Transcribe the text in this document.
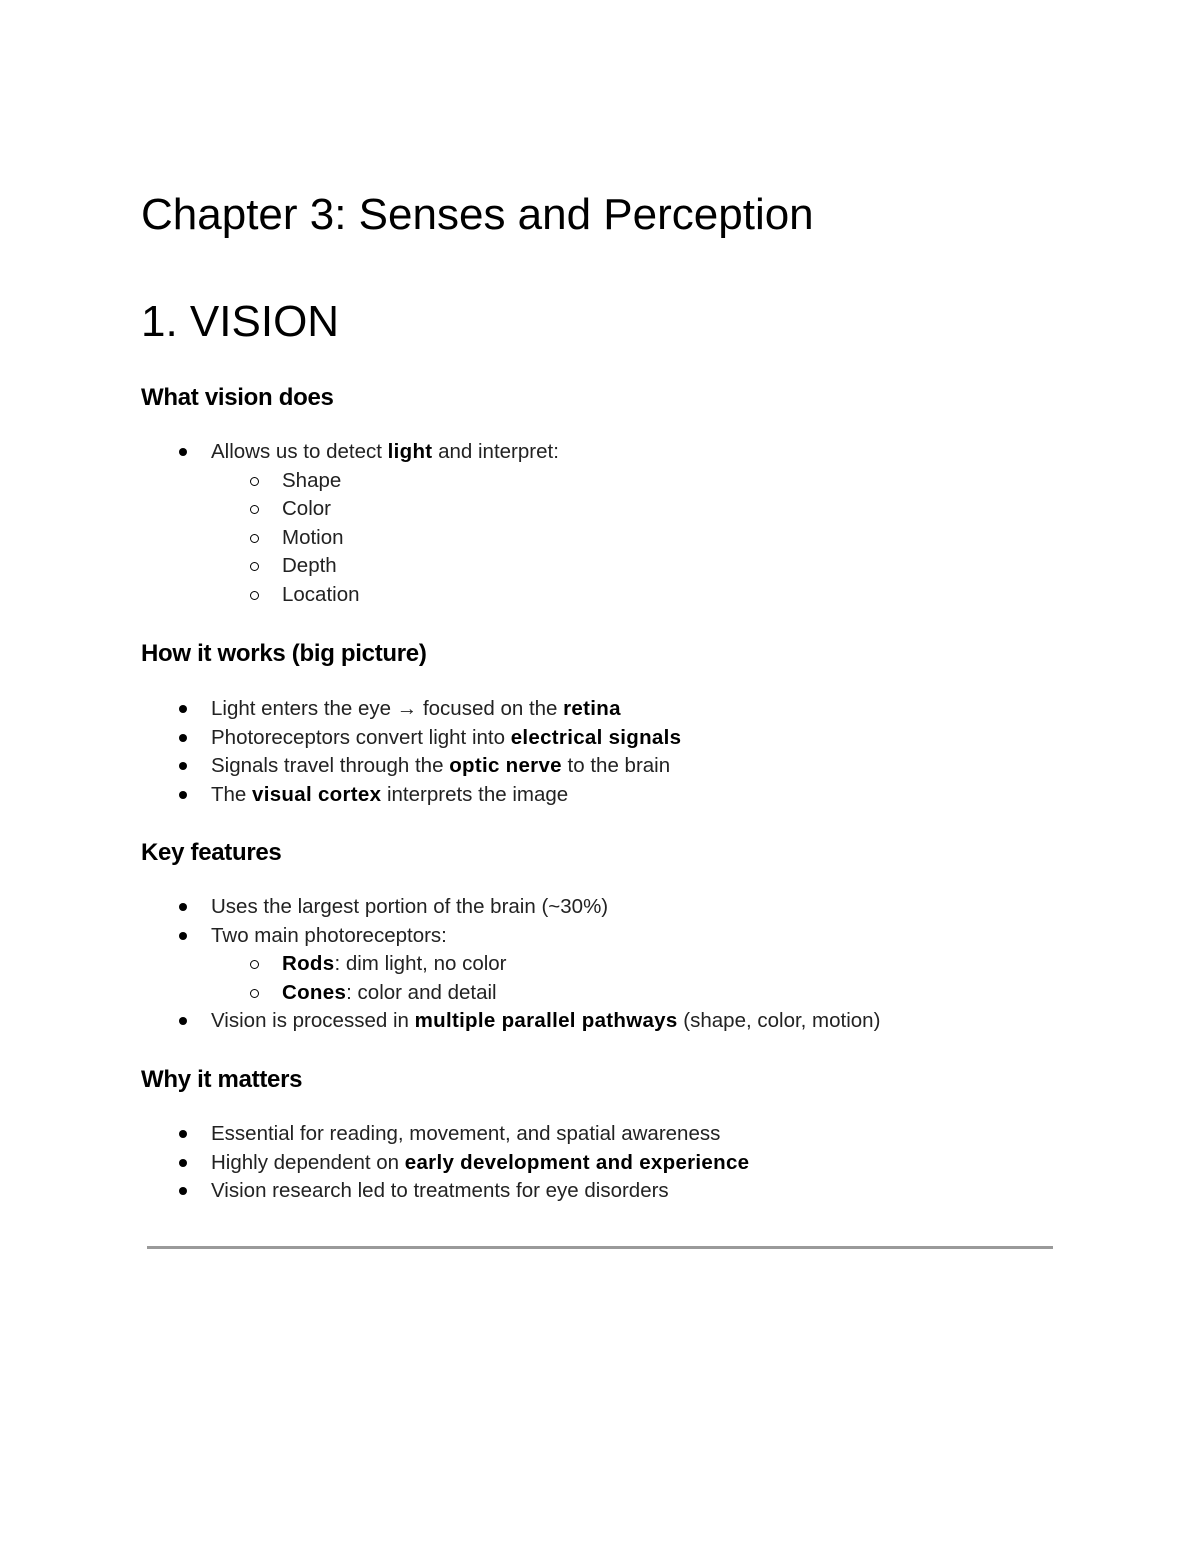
Chapter 3: Senses and Perception
1. VISION
What vision does
Allows us to detect light and interpret:
Shape
Color
Motion
Depth
Location
How it works (big picture)
Light enters the eye → focused on the retina
Photoreceptors convert light into electrical signals
Signals travel through the optic nerve to the brain
The visual cortex interprets the image
Key features
Uses the largest portion of the brain (~30%)
Two main photoreceptors:
Rods: dim light, no color
Cones: color and detail
Vision is processed in multiple parallel pathways (shape, color, motion)
Why it matters
Essential for reading, movement, and spatial awareness
Highly dependent on early development and experience
Vision research led to treatments for eye disorders
